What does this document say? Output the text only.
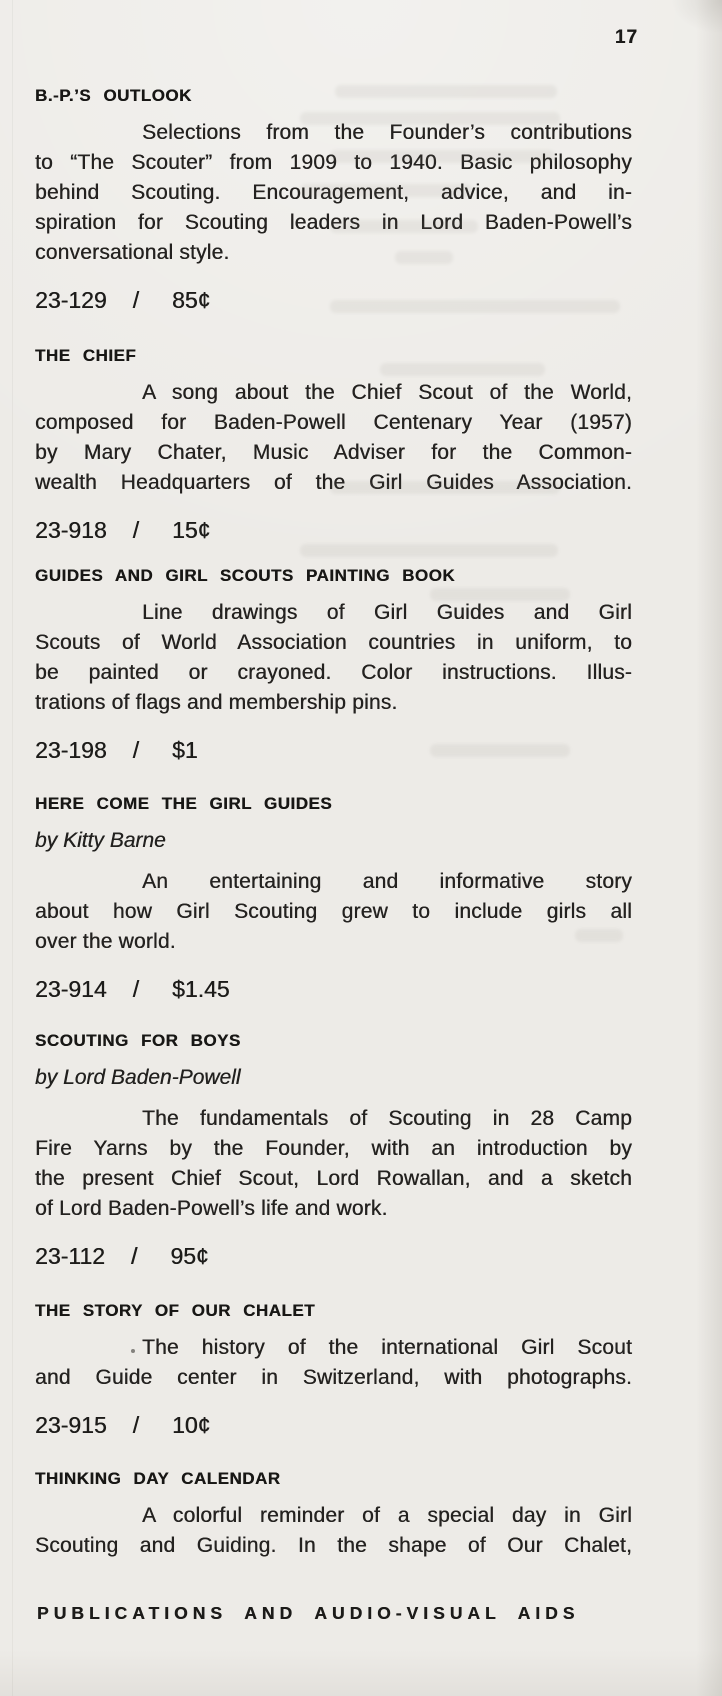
17
B.-P.’S OUTLOOK
Selections from the Founder’s contributions
to “The Scouter” from 1909 to 1940. Basic philosophy
behind Scouting. Encouragement, advice, and in-
spiration for Scouting leaders in Lord Baden-Powell’s
conversational style.
23-129 / 85¢
THE CHIEF
A song about the Chief Scout of the World,
composed for Baden-Powell Centenary Year (1957)
by Mary Chater, Music Adviser for the Common-
wealth Headquarters of the Girl Guides Association.
23-918 / 15¢
GUIDES AND GIRL SCOUTS PAINTING BOOK
Line drawings of Girl Guides and Girl
Scouts of World Association countries in uniform, to
be painted or crayoned. Color instructions. Illus-
trations of flags and membership pins.
23-198 / $1
HERE COME THE GIRL GUIDES

by Kitty Barne

An entertaining and informative story
about how Girl Scouting grew to include girls all
over the world.
23-914 / $1.45
SCOUTING FOR BOYS

by Lord Baden-Powell

The fundamentals of Scouting in 28 Camp
Fire Yarns by the Founder, with an introduction by
the present Chief Scout, Lord Rowallan, and a sketch
of Lord Baden-Powell’s life and work.
23-112 / 95¢
THE STORY OF OUR CHALET
The history of the international Girl Scout
and Guide center in Switzerland, with photographs.
23-915 / 10¢
THINKING DAY CALENDAR
A colorful reminder of a special day in Girl
Scouting and Guiding. In the shape of Our Chalet,
PUBLICATIONS AND AUDIO-VISUAL AIDS
